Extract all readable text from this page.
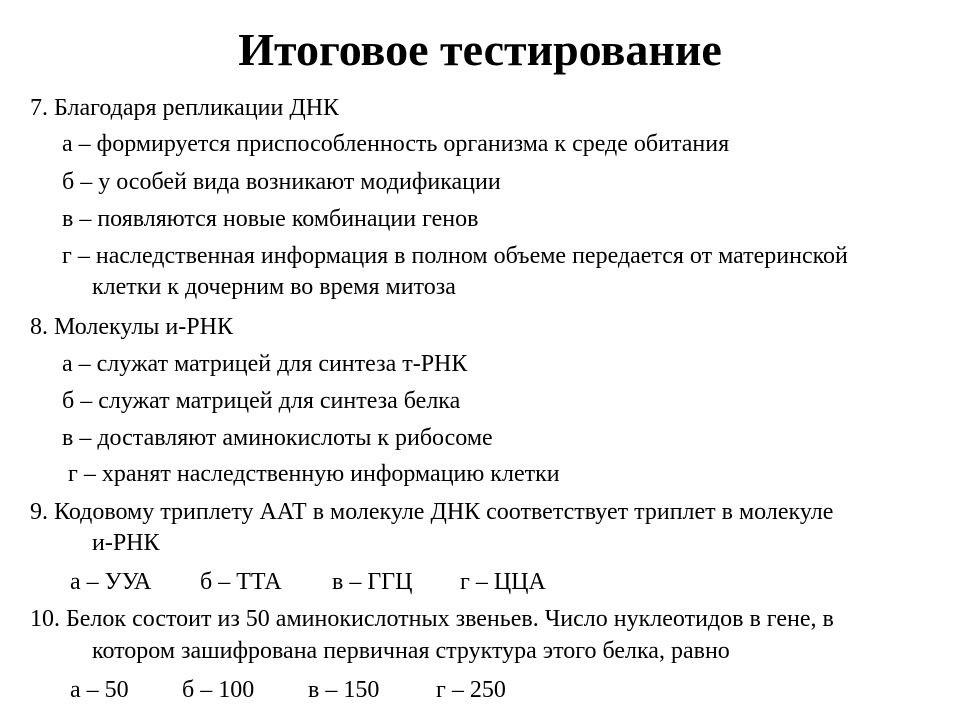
Итоговое тестирование
7. Благодаря репликации ДНК
а – формируется приспособленность организма к среде обитания
б – у особей вида возникают модификации
в – появляются новые комбинации генов
г – наследственная информация в полном объеме передается от материнской
клетки к дочерним во время митоза
8. Молекулы и-РНК
а – служат матрицей для синтеза т-РНК
б – служат матрицей для синтеза белка
в – доставляют аминокислоты к рибосоме
г – хранят наследственную информацию клетки
9. Кодовому триплету ААТ в молекуле ДНК соответствует триплет в молекуле
и-РНК
а – УУА б – ТТА в – ГГЦ г – ЦЦА
10. Белок состоит из 50 аминокислотных звеньев. Число нуклеотидов в гене, в
котором зашифрована первичная структура этого белка, равно
а – 50 б – 100 в – 150 г – 250
